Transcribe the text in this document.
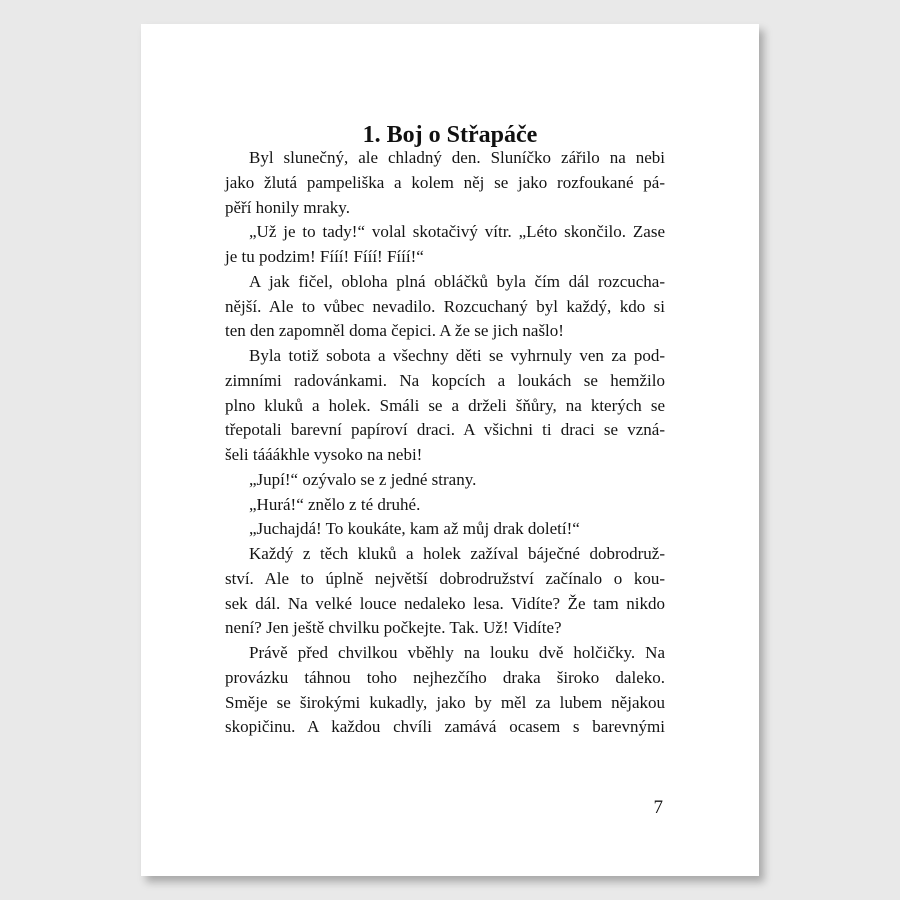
1. Boj o Střapáče
Byl slunečný, ale chladný den. Sluníčko zářilo na nebi
jako žlutá pampeliška a kolem něj se jako rozfoukané pá-
pěří honily mraky.
„Už je to tady!“ volal skotačivý vítr. „Léto skončilo. Zase
je tu podzim! Fííí! Fííí! Fííí!“
A jak fičel, obloha plná obláčků byla čím dál rozcucha-
nější. Ale to vůbec nevadilo. Rozcuchaný byl každý, kdo si
ten den zapomněl doma čepici. A že se jich našlo!
Byla totiž sobota a všechny děti se vyhrnuly ven za pod-
zimními radovánkami. Na kopcích a loukách se hemžilo
plno kluků a holek. Smáli se a drželi šňůry, na kterých se
třepotali barevní papíroví draci. A všichni ti draci se vzná-
šeli tááákhle vysoko na nebi!
„Jupí!“ ozývalo se z jedné strany.
„Hurá!“ znělo z té druhé.
„Juchajdá! To koukáte, kam až můj drak doletí!“
Každý z těch kluků a holek zažíval báječné dobrodruž-
ství. Ale to úplně největší dobrodružství začínalo o kou-
sek dál. Na velké louce nedaleko lesa. Vidíte? Že tam nikdo
není? Jen ještě chvilku počkejte. Tak. Už! Vidíte?
Právě před chvilkou vběhly na louku dvě holčičky. Na
provázku táhnou toho nejhezčího draka široko daleko.
Směje se širokými kukadly, jako by měl za lubem nějakou
skopičinu. A každou chvíli zamává ocasem s barevnými
7
